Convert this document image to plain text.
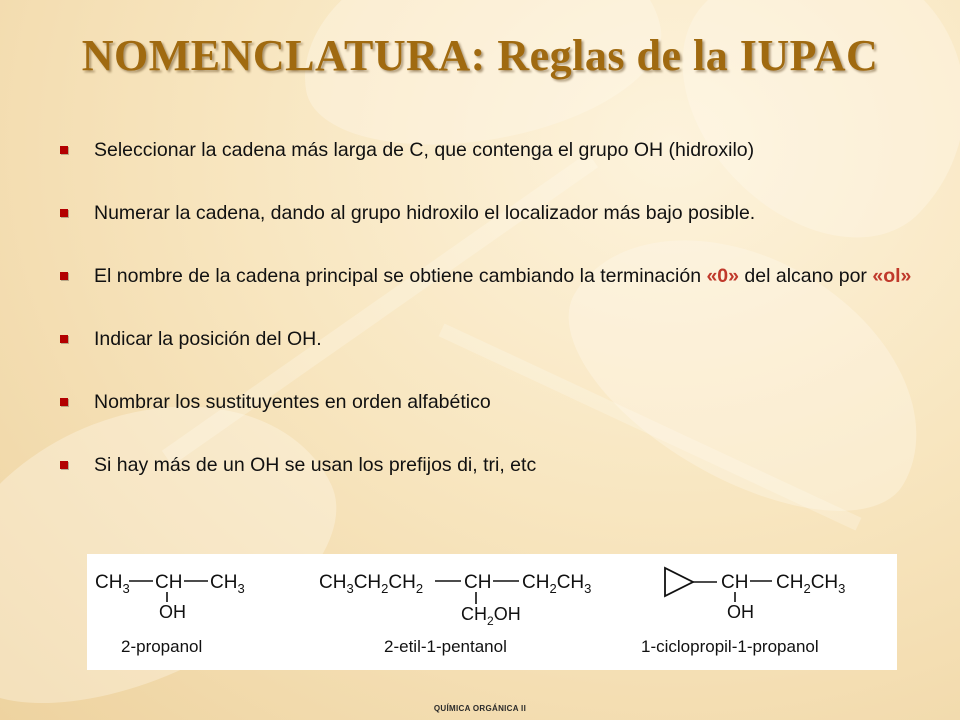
NOMENCLATURA: Reglas de la IUPAC
Seleccionar la cadena más larga de C, que contenga el grupo OH (hidroxilo)
Numerar la cadena, dando al grupo hidroxilo el localizador más bajo posible.
El nombre de la cadena principal se obtiene cambiando la terminación «0» del alcano por «ol»
Indicar la posición del OH.
Nombrar los sustituyentes en orden alfabético
Si hay más de un OH se usan los prefijos di, tri, etc
$CH_3$ CH $CH_3$
OH
2-propanol
$CH_3CH_2CH_2$ CH $CH_2CH_3$
$CH_2OH$
2-etil-1-pentanol
CH $CH_2CH_3$
OH
1-ciclopropil-1-propanol
QUÍMICA ORGÁNICA II
